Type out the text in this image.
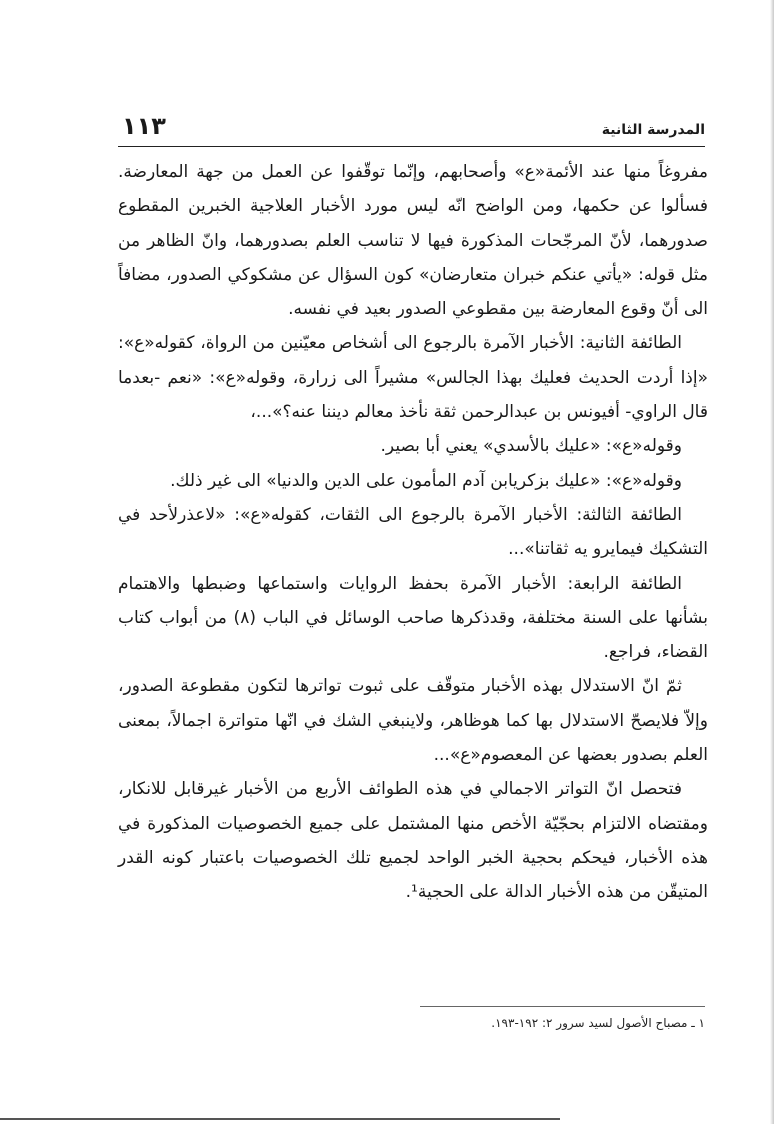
١١٣	المدرسة الثانية

مفروغاً منها عند الأئمة«ع» وأصحابهم، وإنّما توقّفوا عن العمل من جهة المعارضة. فسألوا عن حكمها، ومن الواضح انّه ليس مورد الأخبار العلاجية الخبرين المقطوع صدورهما، لأنّ المرجّحات المذكورة فيها لا تناسب العلم بصدورهما، وانّ الظاهر من مثل قوله: «يأتي عنكم خبران متعارضان» كون السؤال عن مشكوكي الصدور، مضافاً الى أنّ وقوع المعارضة بين مقطوعي الصدور بعيد في نفسه.

الطائفة الثانية: الأخبار الآمرة بالرجوع الى أشخاص معيّنين من الرواة، كقوله«ع»: «إذا أردت الحديث فعليك بهذا الجالس» مشيراً الى زرارة، وقوله«ع»: «نعم -بعدما قال الراوي- أفيونس بن عبدالرحمن ثقة نأخذ معالم ديننا عنه؟»...،

وقوله«ع»: «عليك بالأسدي» يعني أبا بصير.

وقوله«ع»: «عليك بزكريابن آدم المأمون على الدين والدنيا» الى غير ذلك.

الطائفة الثالثة: الأخبار الآمرة بالرجوع الى الثقات، كقوله«ع»: «لاعذرلأحد في التشكيك فيمايرو يه ثقاتنا»...

الطائفة الرابعة: الأخبار الآمرة بحفظ الروايات واستماعها وضبطها والاهتمام بشأنها على السنة مختلفة، وقدذكرها صاحب الوسائل في الباب (٨) من أبواب كتاب القضاء، فراجع.

ثمّ انّ الاستدلال بهذه الأخبار متوقّف على ثبوت تواترها لتكون مقطوعة الصدور، وإلاّ فلايصحّ الاستدلال بها كما هوظاهر، ولاينبغي الشك في انّها متواترة اجمالاً، بمعنى العلم بصدور بعضها عن المعصوم«ع»...

فتحصل انّ التواتر الاجمالي في هذه الطوائف الأربع من الأخبار غيرقابل للانكار، ومقتضاه الالتزام بحجّيّة الأخص منها المشتمل على جميع الخصوصيات المذكورة في هذه الأخبار، فيحكم بحجية الخبر الواحد لجميع تلك الخصوصيات باعتبار كونه القدر المتيقّن من هذه الأخبار الدالة على الحجية¹.

١ ـ مصباح الأصول لسيد سرور ٢: ١٩٢-١٩٣.
